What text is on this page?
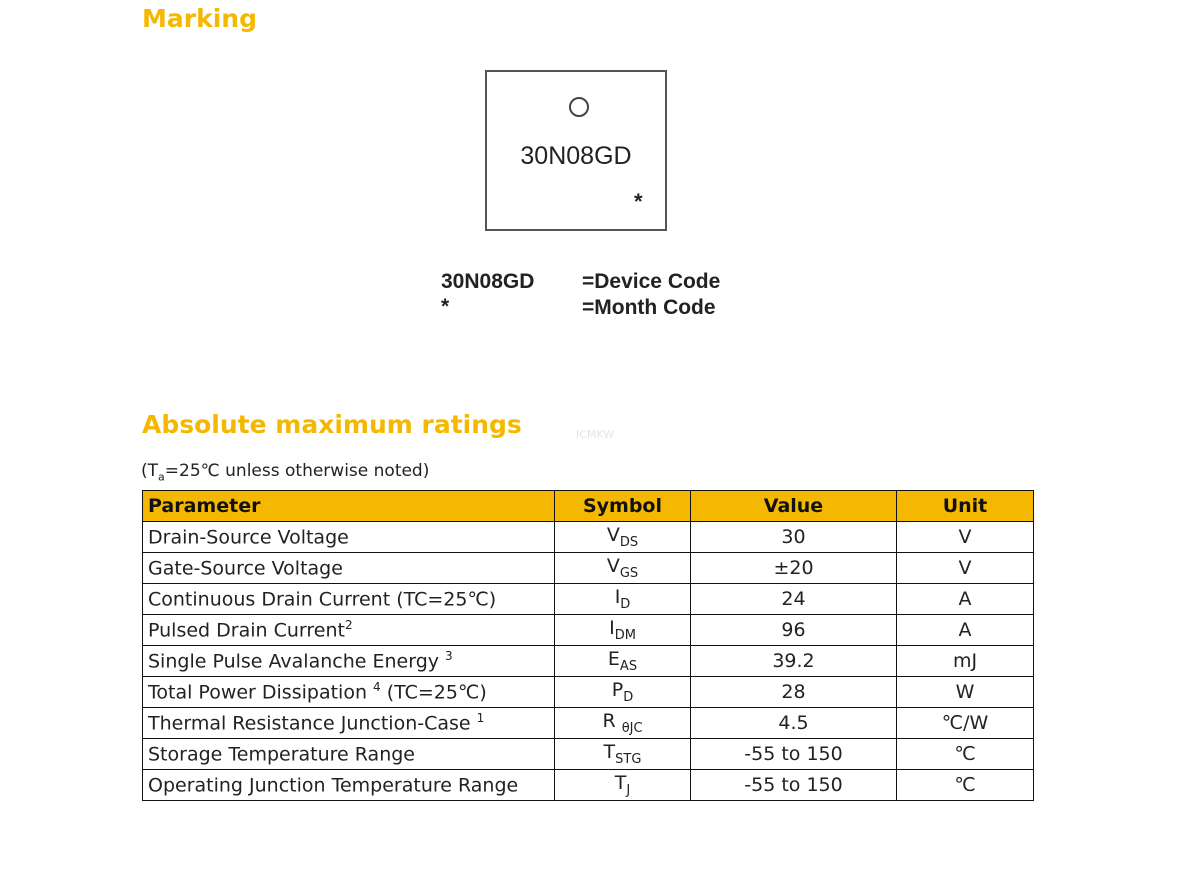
Marking
30N08GD
*
30N08GD =Device Code
*	=Month Code
Absolute maximum ratings	ICMKW
($T_a=25℃$ unless otherwise noted)
Parameter	Symbol	Value	Unit
Drain-Source Voltage	$V_{DS}$	30	V
Gate-Source Voltage	$V_{GS}$	±20	V
Continuous Drain Current (TC=25℃)	$I_D$	24	A
Pulsed Drain Current$^2$	$I_{DM}$	96	A
Single Pulse Avalanche Energy $^3$	$E_{AS}$	39.2	mJ
Total Power Dissipation $^4$ (TC=25℃)	$P_D$	28	W
Thermal Resistance Junction-Case $^1$	R $_{\theta JC}$	4.5	℃/W
Storage Temperature Range	$T_{STG}$	-55 to 150	℃
Operating Junction Temperature Range	$T_J$	-55 to 150	℃
